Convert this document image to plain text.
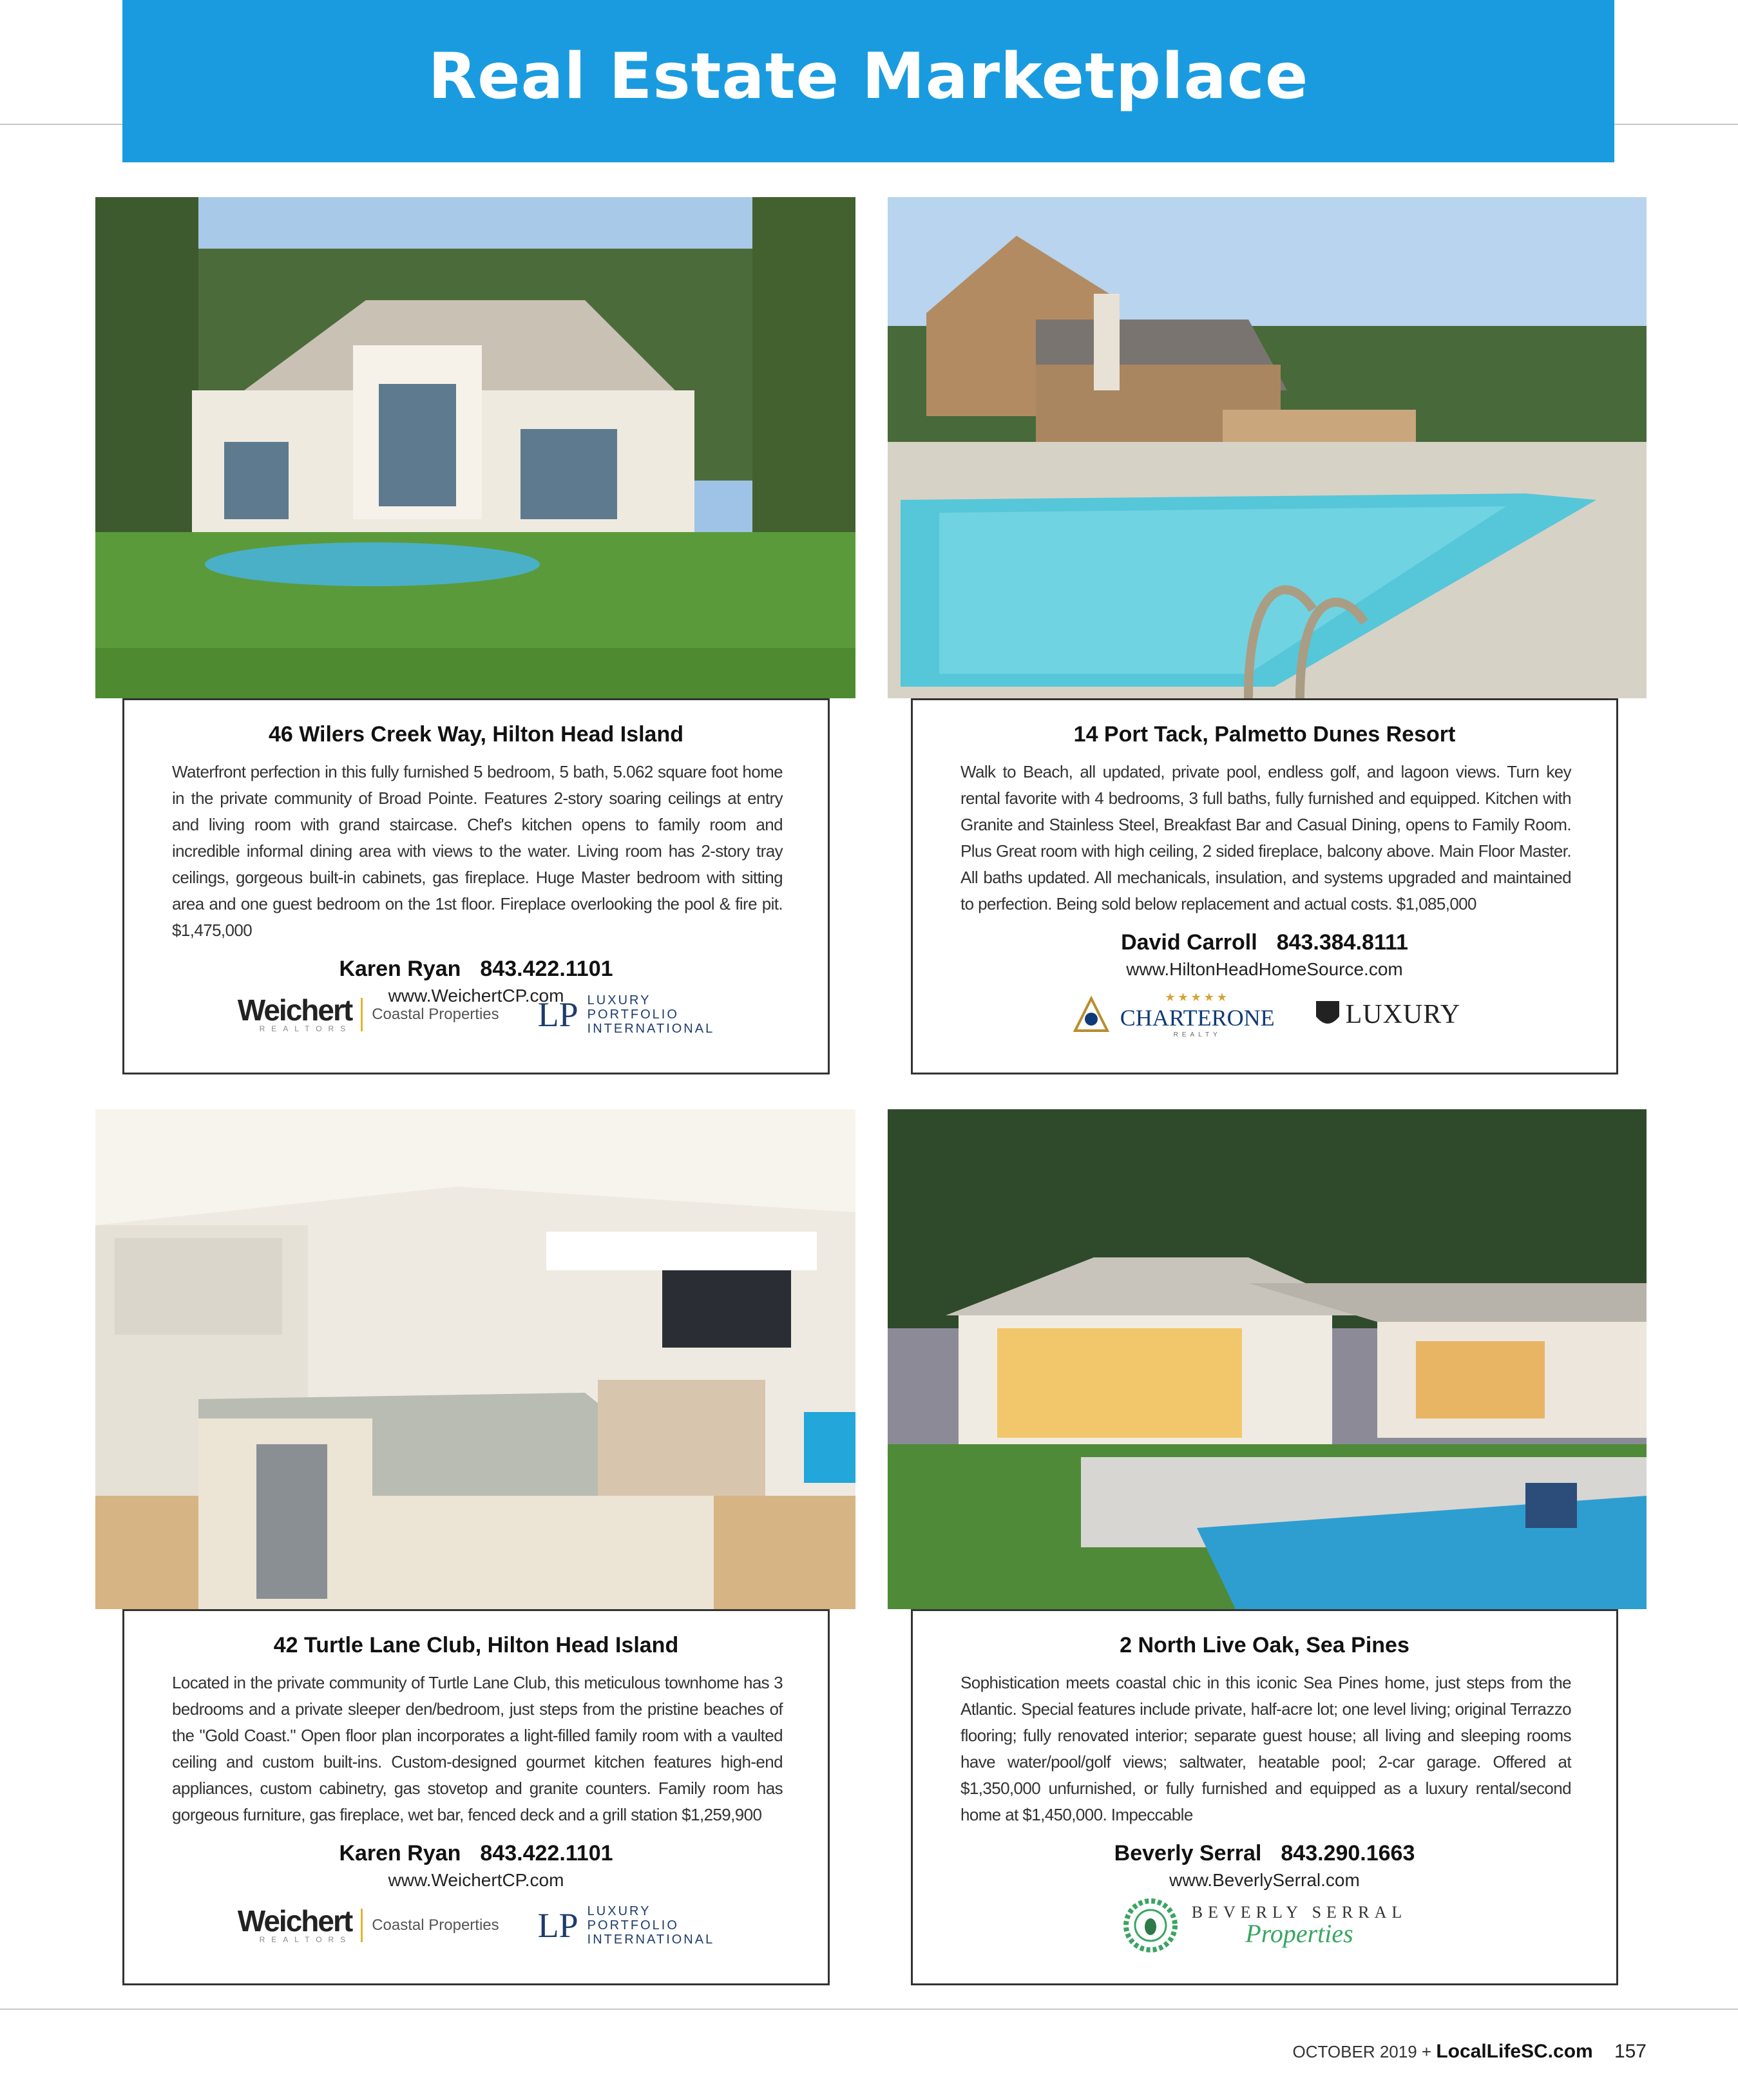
Real Estate Marketplace
46 Wilers Creek Way, Hilton Head Island
Waterfront perfection in this fully furnished 5 bedroom, 5 bath, 5.062 square foot home in the private community of Broad Pointe. Features 2-story soaring ceilings at entry and living room with grand staircase. Chef's kitchen opens to family room and incredible informal dining area with views to the water. Living room has 2-story tray ceilings, gorgeous built-in cabinets, gas fireplace. Huge Master bedroom with sitting area and one guest bedroom on the 1st floor. Fireplace overlooking the pool & fire pit. $1,475,000
Karen Ryan 843.422.1101
www.WeichertCP.com
Weichert
REALTORS
Coastal Properties LP LUXURY
PORTFOLIO
INTERNATIONAL
14 Port Tack, Palmetto Dunes Resort
Walk to Beach, all updated, private pool, endless golf, and lagoon views. Turn key rental favorite with 4 bedrooms, 3 full baths, fully furnished and equipped. Kitchen with Granite and Stainless Steel, Breakfast Bar and Casual Dining, opens to Family Room. Plus Great room with high ceiling, 2 sided fireplace, balcony above. Main Floor Master. All baths updated. All mechanicals, insulation, and systems upgraded and maintained to perfection. Being sold below replacement and actual costs. $1,085,000
David Carroll 843.384.8111
www.HiltonHeadHomeSource.com
★★★★★
CHARTERONE
REALTY
LUXURY
42 Turtle Lane Club, Hilton Head Island
Located in the private community of Turtle Lane Club, this meticulous townhome has 3 bedrooms and a private sleeper den/bedroom, just steps from the pristine beaches of the "Gold Coast." Open floor plan incorporates a light-filled family room with a vaulted ceiling and custom built-ins. Custom-designed gourmet kitchen features high-end appliances, custom cabinetry, gas stovetop and granite counters. Family room has gorgeous furniture, gas fireplace, wet bar, fenced deck and a grill station $1,259,900
Karen Ryan 843.422.1101
www.WeichertCP.com
Weichert
REALTORS
Coastal Properties LP LUXURY
PORTFOLIO
INTERNATIONAL
2 North Live Oak, Sea Pines
Sophistication meets coastal chic in this iconic Sea Pines home, just steps from the Atlantic. Special features include private, half-acre lot; one level living; original Terrazzo flooring; fully renovated interior; separate guest house; all living and sleeping rooms have water/pool/golf views; saltwater, heatable pool; 2-car garage. Offered at $1,350,000 unfurnished, or fully furnished and equipped as a luxury rental/second home at $1,450,000. Impeccable
Beverly Serral 843.290.1663
www.BeverlySerral.com
BEVERLY SERRAL
Properties
OCTOBER 2019 + LocalLifeSC.com 157
